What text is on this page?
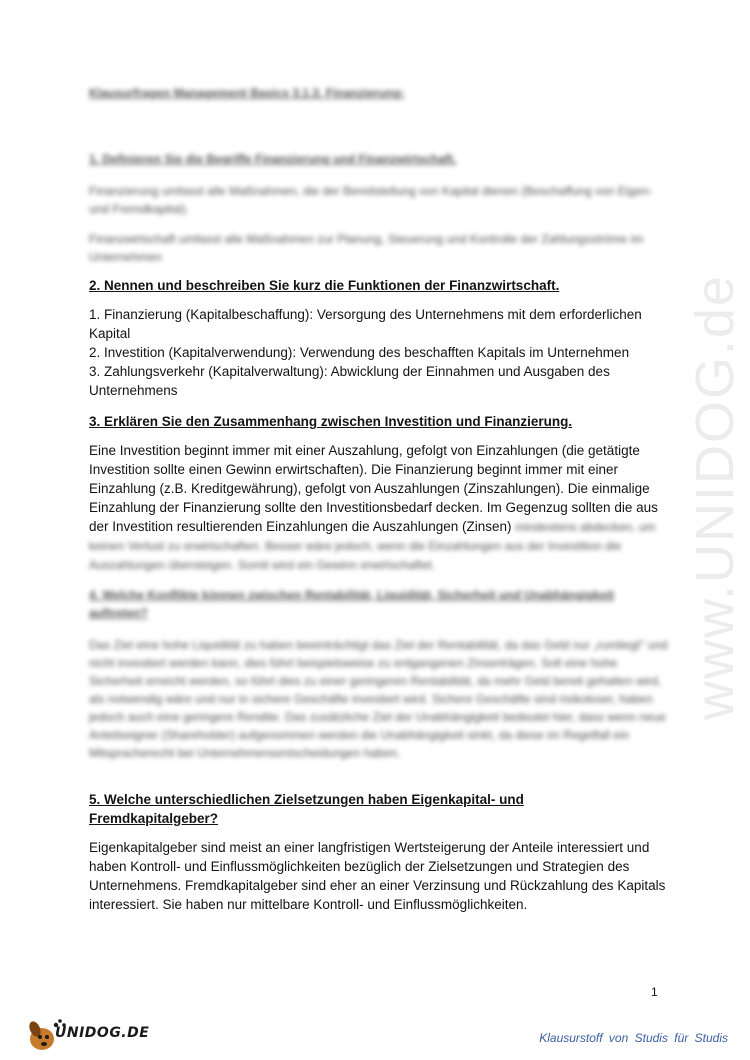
www.UNIDOG.de

Klausurfragen Management Basics 3.1.3. Finanzierung:

1. Definieren Sie die Begriffe Finanzierung und Finanzwirtschaft.

Finanzierung umfasst alle Maßnahmen, die der Bereitstellung von Kapital dienen (Beschaffung von Eigen- und Fremdkapital).

Finanzwirtschaft umfasst alle Maßnahmen zur Planung, Steuerung und Kontrolle der Zahlungsströme im Unternehmen

2. Nennen und beschreiben Sie kurz die Funktionen der Finanzwirtschaft.

1. Finanzierung (Kapitalbeschaffung): Versorgung des Unternehmens mit dem erforderlichen Kapital
2. Investition (Kapitalverwendung): Verwendung des beschafften Kapitals im Unternehmen
3. Zahlungsverkehr (Kapitalverwaltung): Abwicklung der Einnahmen und Ausgaben des Unternehmens

3. Erklären Sie den Zusammenhang zwischen Investition und Finanzierung.

Eine Investition beginnt immer mit einer Auszahlung, gefolgt von Einzahlungen (die getätigte Investition sollte einen Gewinn erwirtschaften). Die Finanzierung beginnt immer mit einer Einzahlung (z.B. Kreditgewährung), gefolgt von Auszahlungen (Zinszahlungen). Die einmalige Einzahlung der Finanzierung sollte den Investitionsbedarf decken. Im Gegenzug sollten die aus der Investition resultierenden Einzahlungen die Auszahlungen (Zinsen) mindestens abdecken, um keinen Verlust zu erwirtschaften. Besser wäre jedoch, wenn die Einzahlungen aus der Investition die Auszahlungen übersteigen. Somit wird ein Gewinn erwirtschaftet.

4. Welche Konflikte können zwischen Rentabilität, Liquidität, Sicherheit und Unabhängigkeit auftreten?

Das Ziel eine hohe Liquidität zu haben beeinträchtigt das Ziel der Rentabilität, da das Geld nur „rumliegt" und nicht investiert werden kann, dies führt beispielsweise zu entgangenen Zinserträgen. Soll eine hohe Sicherheit erreicht werden, so führt dies zu einer geringeren Rentabilität, da mehr Geld bereit gehalten wird, als notwendig wäre und nur in sichere Geschäfte investiert wird. Sichere Geschäfte sind risikoloser, haben jedoch auch eine geringere Rendite. Das zusätzliche Ziel der Unabhängigkeit bedeutet hier, dass wenn neue Anteilseigner (Shareholder) aufgenommen werden die Unabhängigkeit sinkt, da diese im Regelfall ein Mitspracherecht bei Unternehmensentscheidungen haben.

5. Welche unterschiedlichen Zielsetzungen haben Eigenkapital- und Fremdkapitalgeber?

Eigenkapitalgeber sind meist an einer langfristigen Wertsteigerung der Anteile interessiert und haben Kontroll- und Einflussmöglichkeiten bezüglich der Zielsetzungen und Strategien des Unternehmens. Fremdkapitalgeber sind eher an einer Verzinsung und Rückzahlung des Kapitals interessiert. Sie haben nur mittelbare Kontroll- und Einflussmöglichkeiten.

1
UNIDOG.DE	Klausurstoff von Studis für Studis
